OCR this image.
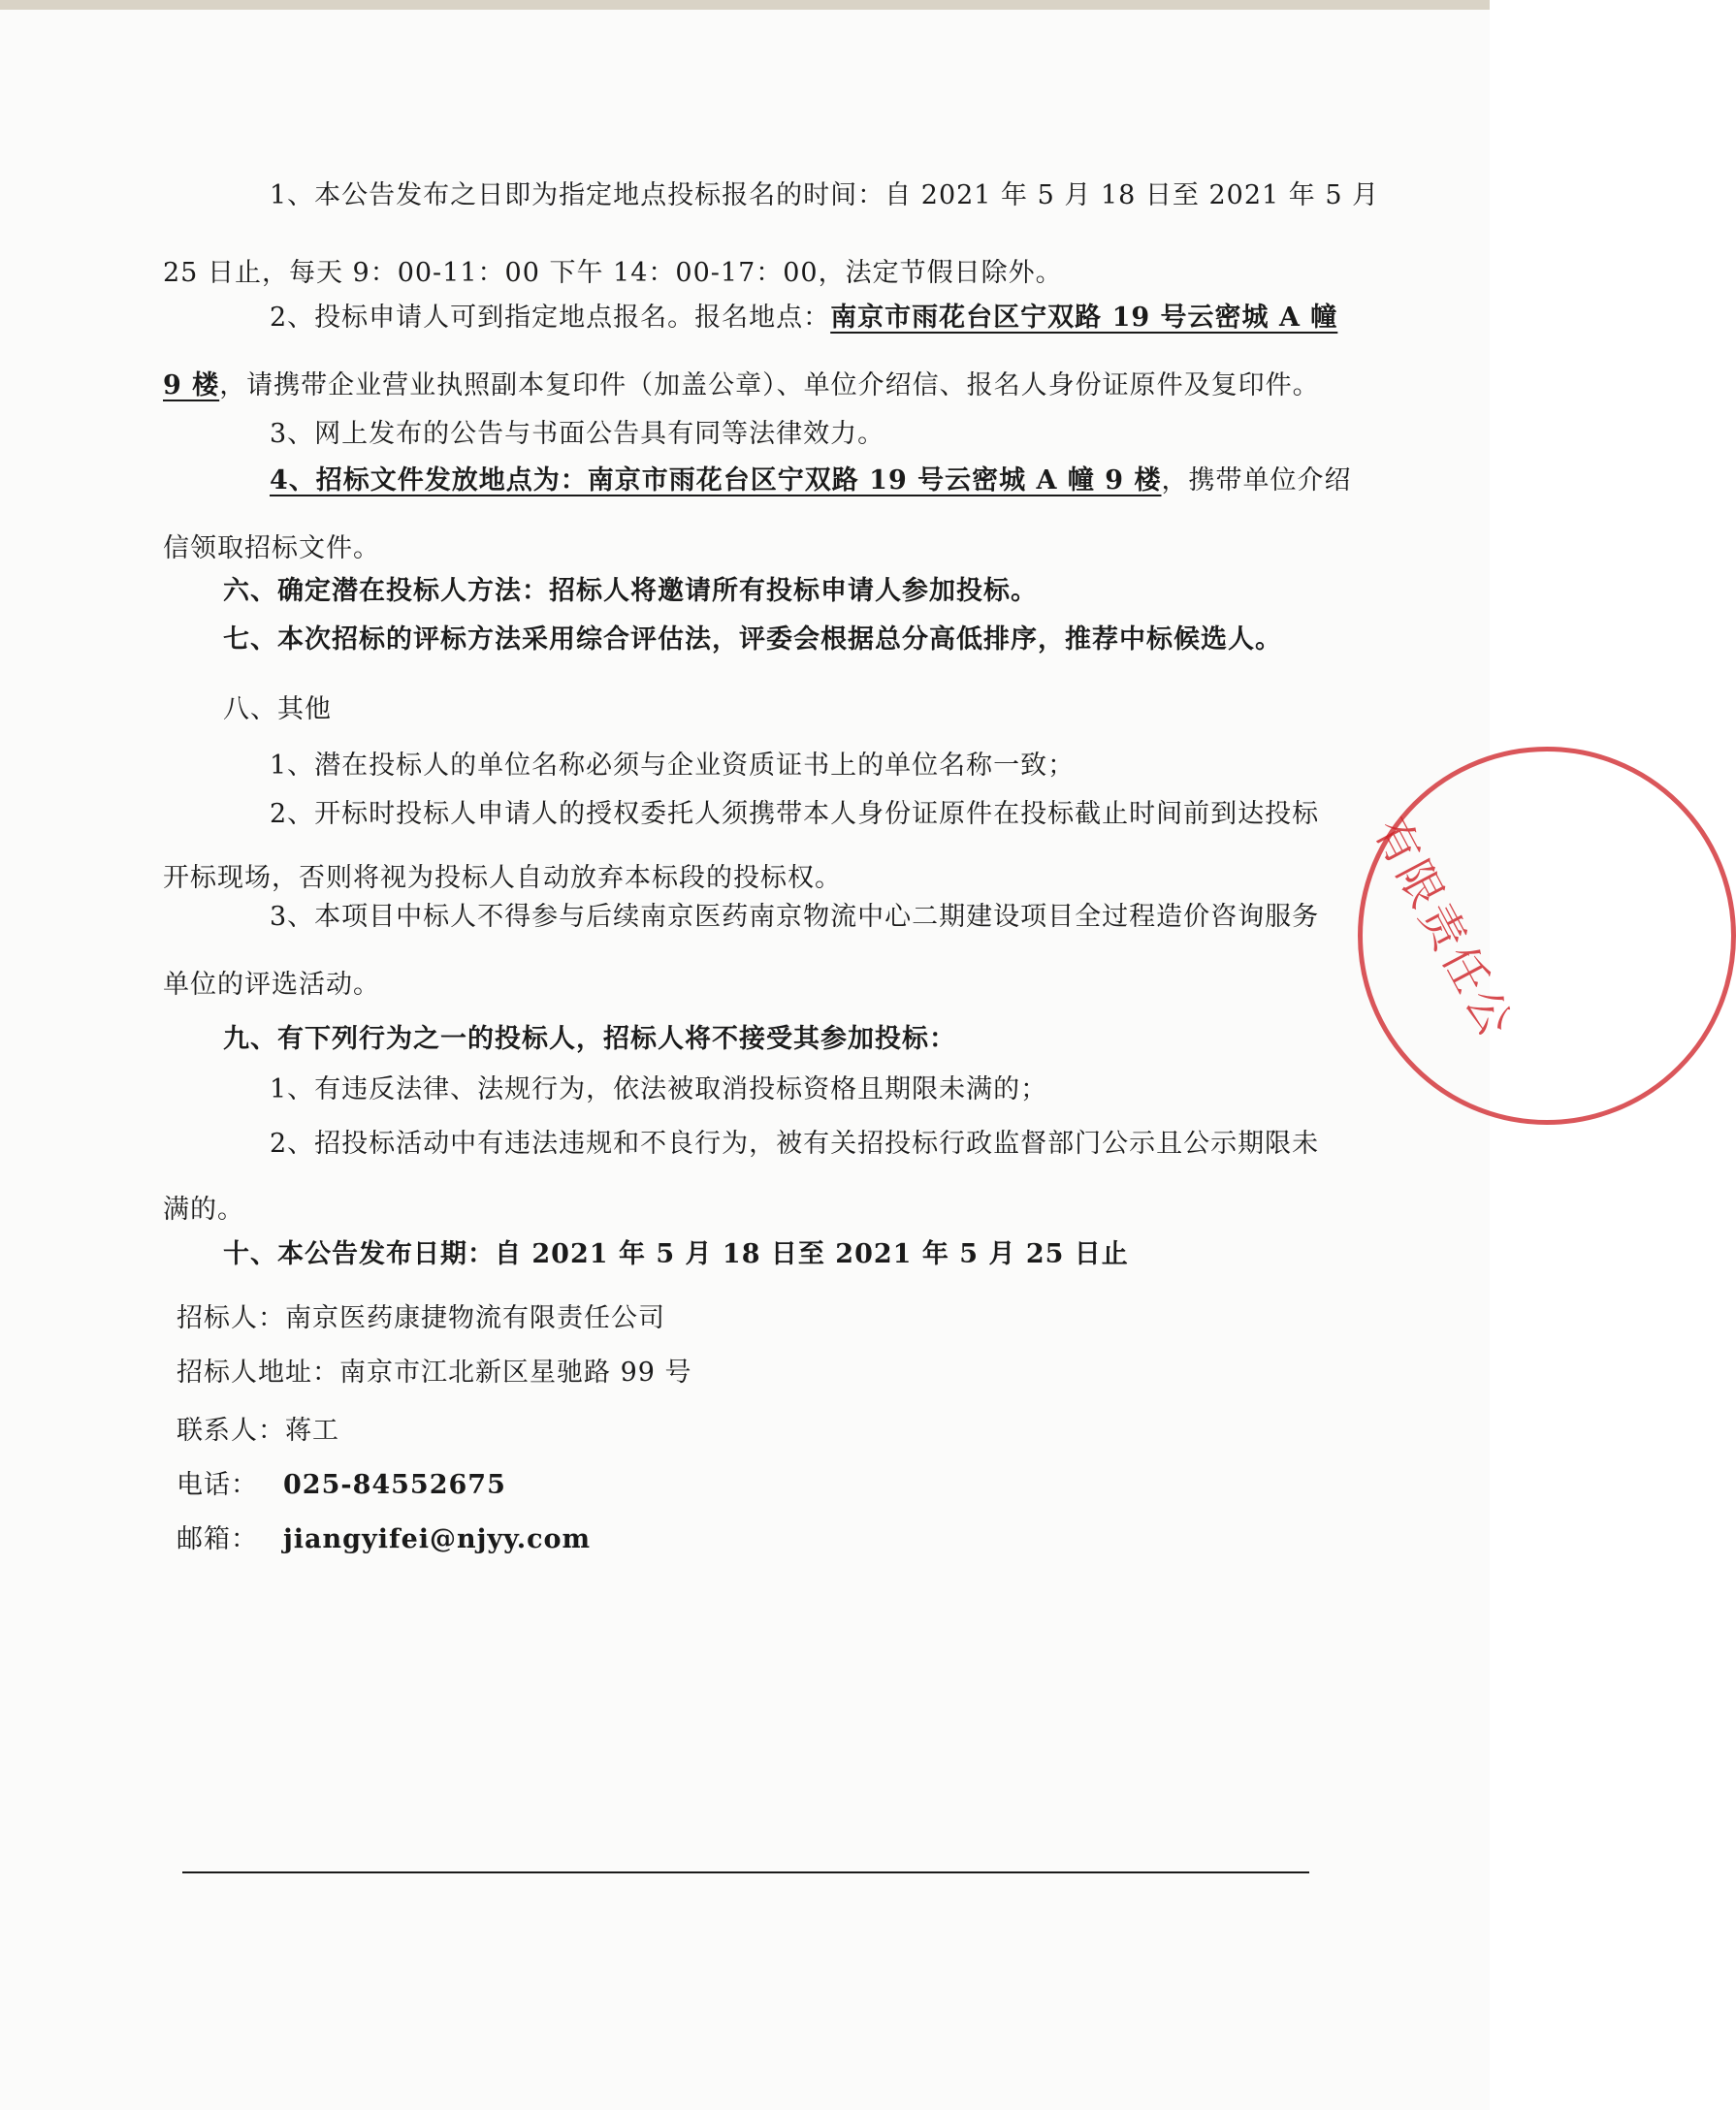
1、本公告发布之日即为指定地点投标报名的时间：自 2021 年 5 月 18 日至 2021 年 5 月
25 日止，每天 9：00-11：00 下午 14：00-17：00，法定节假日除外。
2、投标申请人可到指定地点报名。报名地点：南京市雨花台区宁双路 19 号云密城 A 幢
9 楼，请携带企业营业执照副本复印件（加盖公章）、单位介绍信、报名人身份证原件及复印件。
3、网上发布的公告与书面公告具有同等法律效力。
4、招标文件发放地点为：南京市雨花台区宁双路 19 号云密城 A 幢 9 楼，携带单位介绍
信领取招标文件。
六、确定潜在投标人方法：招标人将邀请所有投标申请人参加投标。
七、本次招标的评标方法采用综合评估法，评委会根据总分高低排序，推荐中标候选人。
八、其他
1、潜在投标人的单位名称必须与企业资质证书上的单位名称一致；
2、开标时投标人申请人的授权委托人须携带本人身份证原件在投标截止时间前到达投标
开标现场，否则将视为投标人自动放弃本标段的投标权。
3、本项目中标人不得参与后续南京医药南京物流中心二期建设项目全过程造价咨询服务
单位的评选活动。
九、有下列行为之一的投标人，招标人将不接受其参加投标：
1、有违反法律、法规行为，依法被取消投标资格且期限未满的；
2、招投标活动中有违法违规和不良行为，被有关招投标行政监督部门公示且公示期限未
满的。
十、本公告发布日期：自 2021 年 5 月 18 日至 2021 年 5 月 25 日止
招标人：南京医药康捷物流有限责任公司
招标人地址：南京市江北新区星驰路 99 号
联系人：蒋工
电话： 025-84552675
邮箱： jiangyifei@njyy.com
有限责任公
